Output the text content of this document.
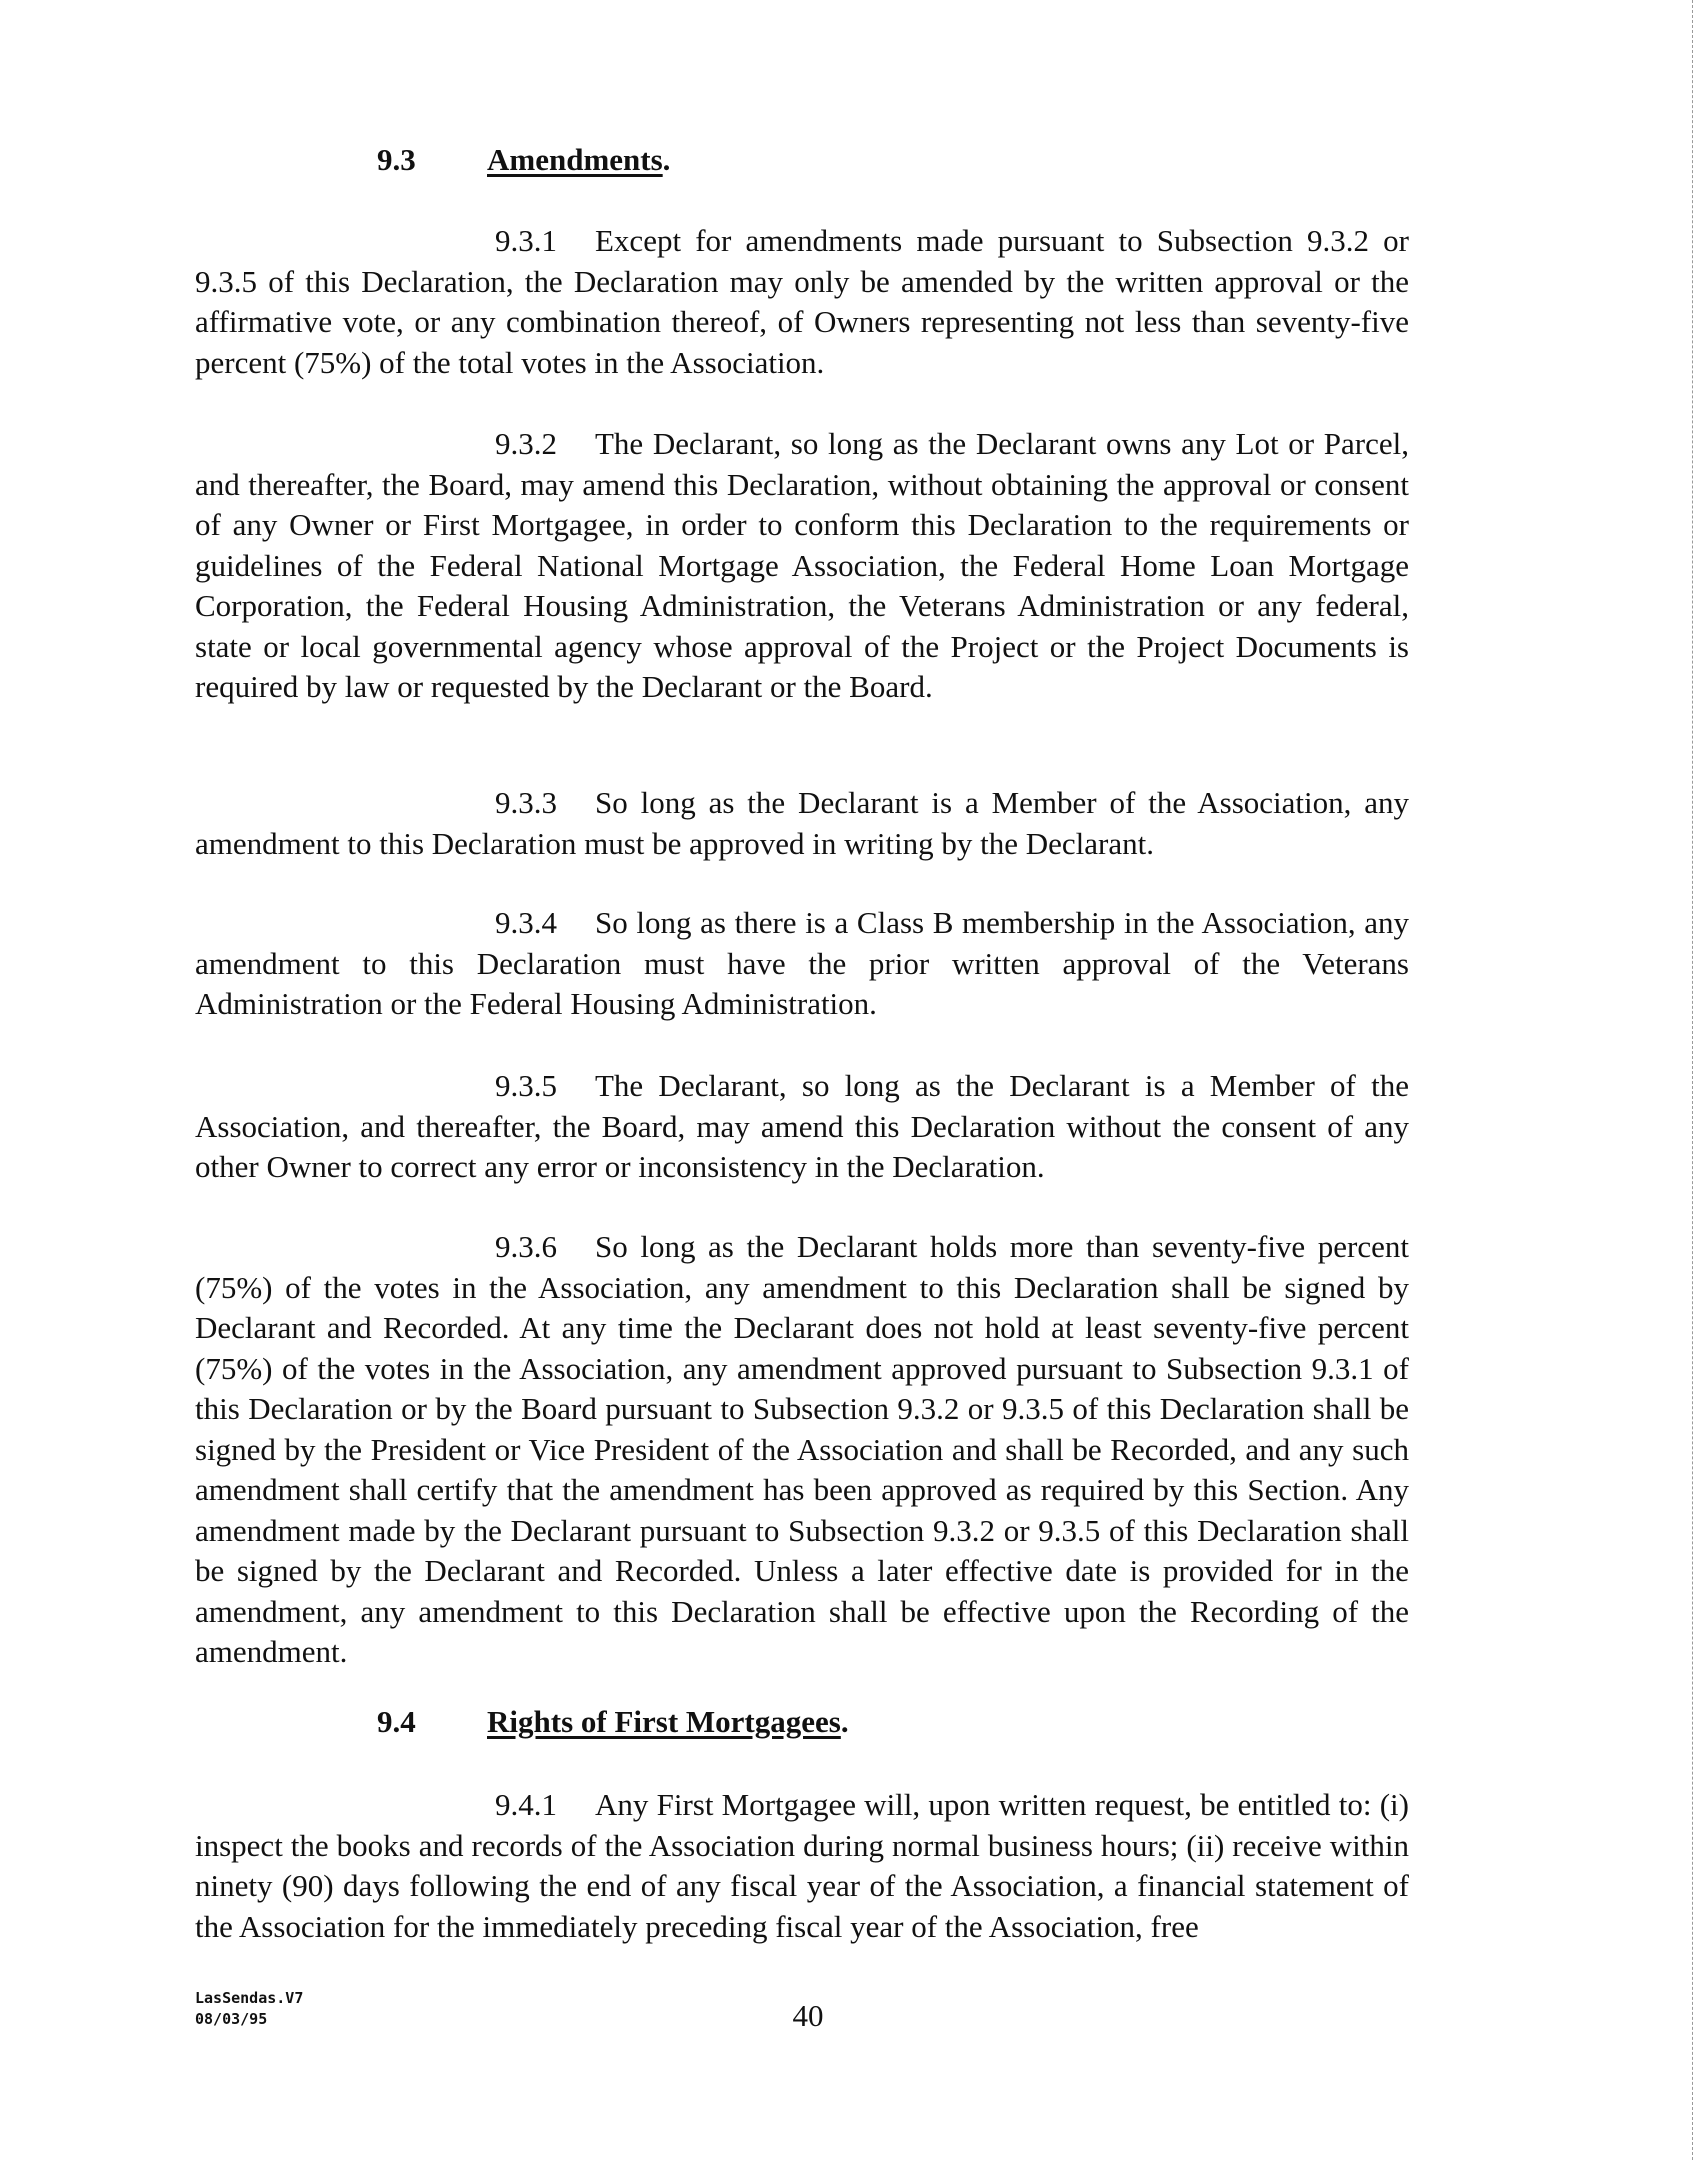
9.3 Amendments.

9.3.1 Except for amendments made pursuant to Subsection 9.3.2 or 9.3.5 of this Declaration, the Declaration may only be amended by the written approval or the affirmative vote, or any combination thereof, of Owners representing not less than seventy-five percent (75%) of the total votes in the Association.

9.3.2 The Declarant, so long as the Declarant owns any Lot or Parcel, and thereafter, the Board, may amend this Declaration, without obtaining the approval or consent of any Owner or First Mortgagee, in order to conform this Declaration to the requirements or guidelines of the Federal National Mortgage Association, the Federal Home Loan Mortgage Corporation, the Federal Housing Administration, the Veterans Administration or any federal, state or local governmental agency whose approval of the Project or the Project Documents is required by law or requested by the Declarant or the Board.

9.3.3 So long as the Declarant is a Member of the Association, any amendment to this Declaration must be approved in writing by the Declarant.

9.3.4 So long as there is a Class B membership in the Association, any amendment to this Declaration must have the prior written approval of the Veterans Administration or the Federal Housing Administration.

9.3.5 The Declarant, so long as the Declarant is a Member of the Association, and thereafter, the Board, may amend this Declaration without the consent of any other Owner to correct any error or inconsistency in the Declaration.

9.3.6 So long as the Declarant holds more than seventy-five percent (75%) of the votes in the Association, any amendment to this Declaration shall be signed by Declarant and Recorded. At any time the Declarant does not hold at least seventy-five percent (75%) of the votes in the Association, any amendment approved pursuant to Subsection 9.3.1 of this Declaration or by the Board pursuant to Subsection 9.3.2 or 9.3.5 of this Declaration shall be signed by the President or Vice President of the Association and shall be Recorded, and any such amendment shall certify that the amendment has been approved as required by this Section. Any amendment made by the Declarant pursuant to Subsection 9.3.2 or 9.3.5 of this Declaration shall be signed by the Declarant and Recorded. Unless a later effective date is provided for in the amendment, any amendment to this Declaration shall be effective upon the Recording of the amendment.

9.4 Rights of First Mortgagees.

9.4.1 Any First Mortgagee will, upon written request, be entitled to: (i) inspect the books and records of the Association during normal business hours; (ii) receive within ninety (90) days following the end of any fiscal year of the Association, a financial statement of the Association for the immediately preceding fiscal year of the Association, free

LasSendas.V7
08/03/95	40
